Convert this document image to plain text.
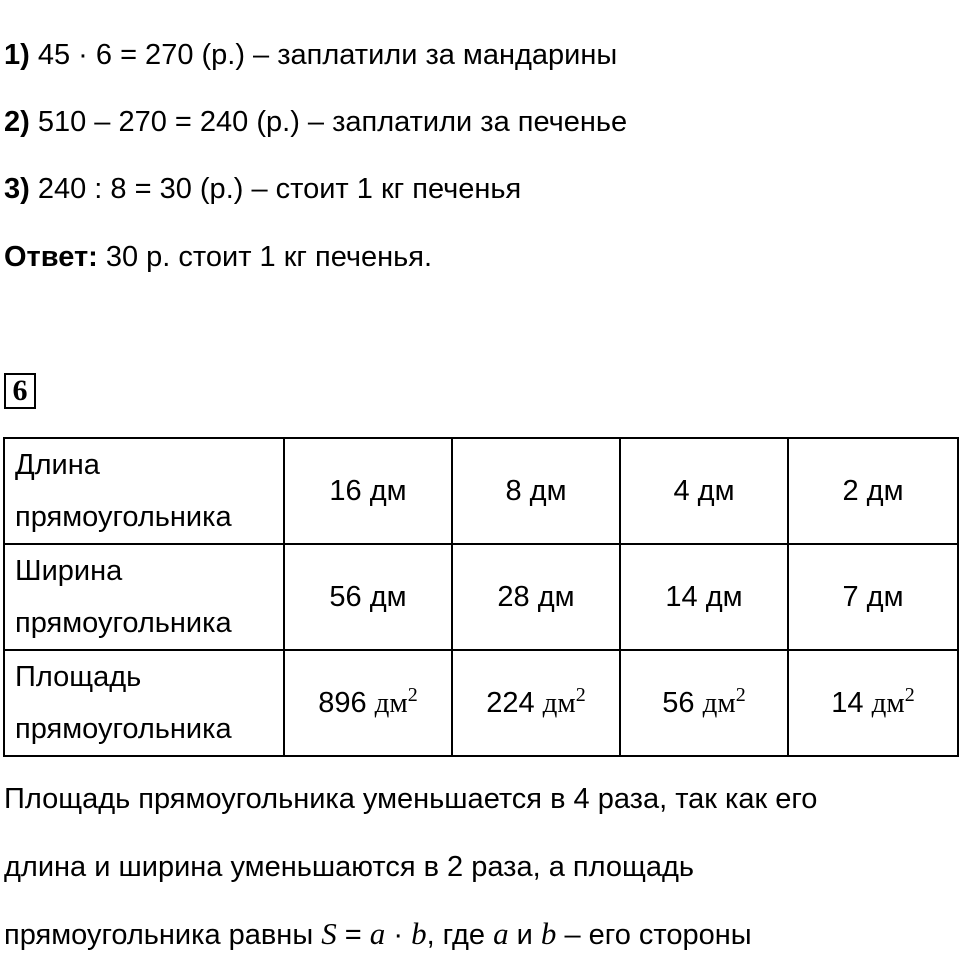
1) 45 · 6 = 270 (р.) – заплатили за мандарины
2) 510 – 270 = 240 (р.) – заплатили за печенье
3) 240 : 8 = 30 (р.) – стоит 1 кг печенья
Ответ: 30 р. стоит 1 кг печенья.
6
Длина
прямоугольника	16 дм	8 дм	4 дм	2 дм
Ширина
прямоугольника	56 дм	28 дм	14 дм	7 дм
Площадь
прямоугольника	896 $дм^2$	224 $дм^2$	56 $дм^2$	14 $дм^2$
Площадь прямоугольника уменьшается в 4 раза, так как его
длина и ширина уменьшаются в 2 раза, а площадь
прямоугольника равны S = a · b, где a и b – его стороны
